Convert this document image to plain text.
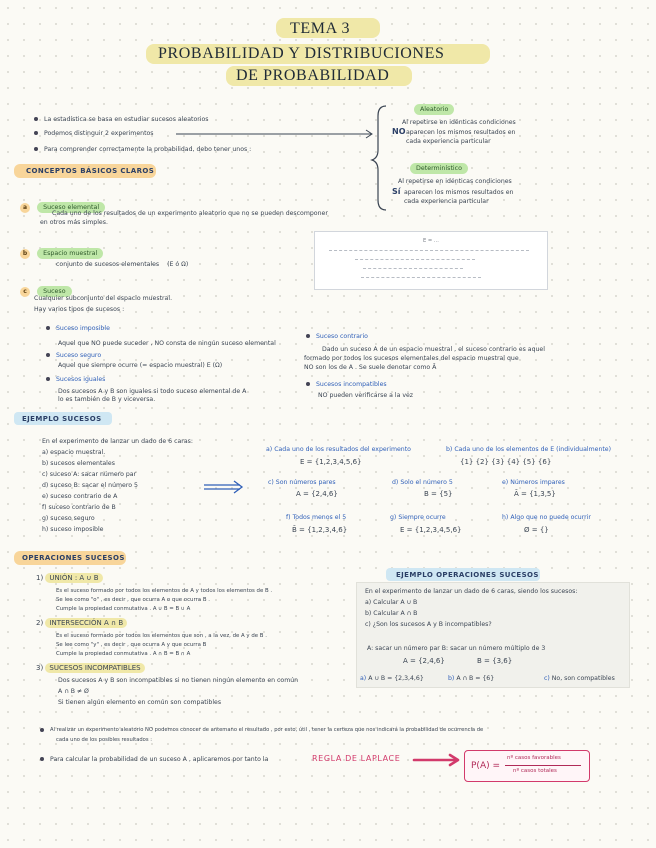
TEMA 3
PROBABILIDAD Y DISTRIBUCIONES
DE PROBABILIDAD
La estadística se basa en estudiar sucesos aleatorios
Podemos distinguir 2 experimentos
Para comprender correctamente la probabilidad, debo tener unos :
Aleatorio
Al repetirse en idénticas condiciones
NO aparecen los mismos resultados en
cada experiencia particular
Determinístico
Al repetirse en idénticas condiciones
Sí aparecen los mismos resultados en
cada experiencia particular
CONCEPTOS BÁSICOS CLAROS
a	Suceso elemental
Cada uno de los resultados de un experimento aleatorio que no se pueden descomponer
en otros más simples.
b	Espacio muestral
conjunto de sucesos elementales (E ó Ω)
E = ...
c	Suceso
Cualquier subconjunto del espacio muestral.
Hay varios tipos de sucesos :
Suceso imposible
Aquel que NO puede suceder , NO consta de ningún suceso elemental
Suceso seguro
Aquel que siempre ocurre (= espacio muestral) E (Ω)
Sucesos iguales
Dos sucesos A y B son iguales si todo suceso elemental de A
lo es también de B y viceversa.
Suceso contrario
Dado un suceso A de un espacio muestral , el suceso contrario es aquel
formado por todos los sucesos elementales del espacio muestral que
NO son los de A . Se suele denotar como Ā
Sucesos incompatibles
NO pueden verificarse a la vez
EJEMPLO SUCESOS
En el experimento de lanzar un dado de 6 caras:
a) espacio muestral.
b) sucesos elementales
c) suceso A: sacar número par
d) suceso B: sacar el número 5
e) suceso contrario de A
f) suceso contrario de B
g) suceso seguro
h) suceso imposible
a) Cada uno de los resultados del experimento
E = {1,2,3,4,5,6}
b) Cada uno de los elementos de E (individualmente)
{1} {2} {3} {4} {5} {6}
c) Son números pares
A = {2,4,6}
d) Solo el número 5
B = {5}
e) Números impares
Ā = {1,3,5}
f) Todos menos el 5
B̄ = {1,2,3,4,6}
g) Siempre ocurre
E = {1,2,3,4,5,6}
h) Algo que no puede ocurrir
Ø = {}
OPERACIONES SUCESOS
1) UNIÓN : A ∪ B
Es el suceso formado por todos los elementos de A y todos los elementos de B .
Se lee como "o" , es decir , que ocurra A o que ocurra B .
Cumple la propiedad conmutativa . A ∪ B = B ∪ A
2) INTERSECCIÓN A ∩ B
Es el suceso formado por todos los elementos que son , a la vez, de A y de B .
Se lee como "y" , es decir , que ocurra A y que ocurra B
Cumple la propiedad conmutativa . A ∩ B = B ∩ A
3) SUCESOS INCOMPATIBLES
Dos sucesos A y B son incompatibles si no tienen ningún elemento en común
A ∩ B ≠ Ø
Si tienen algún elemento en común son compatibles
EJEMPLO OPERACIONES SUCESOS
En el experimento de lanzar un dado de 6 caras, siendo los sucesos:
a) Calcular A ∪ B
b) Calcular A ∩ B
c) ¿Son los sucesos A y B incompatibles?
A: sacar un número par B: sacar un número múltiplo de 3
A = {2,4,6}	B = {3,6}
a) A ∪ B = {2,3,4,6}	b) A ∩ B = {6}	c) No, son compatibles
Al realizar un experimento aleatorio NO podemos conocer de antemano el resultado , por esto, útil , tener la certeza que nos indicará la probabilidad de ocurrencia de
cada uno de los posibles resultados :
Para calcular la probabilidad de un suceso A , aplicaremos por tanto la	REGLA DE LAPLACE
P(A) =
nº casos favorables
nº casos totales
